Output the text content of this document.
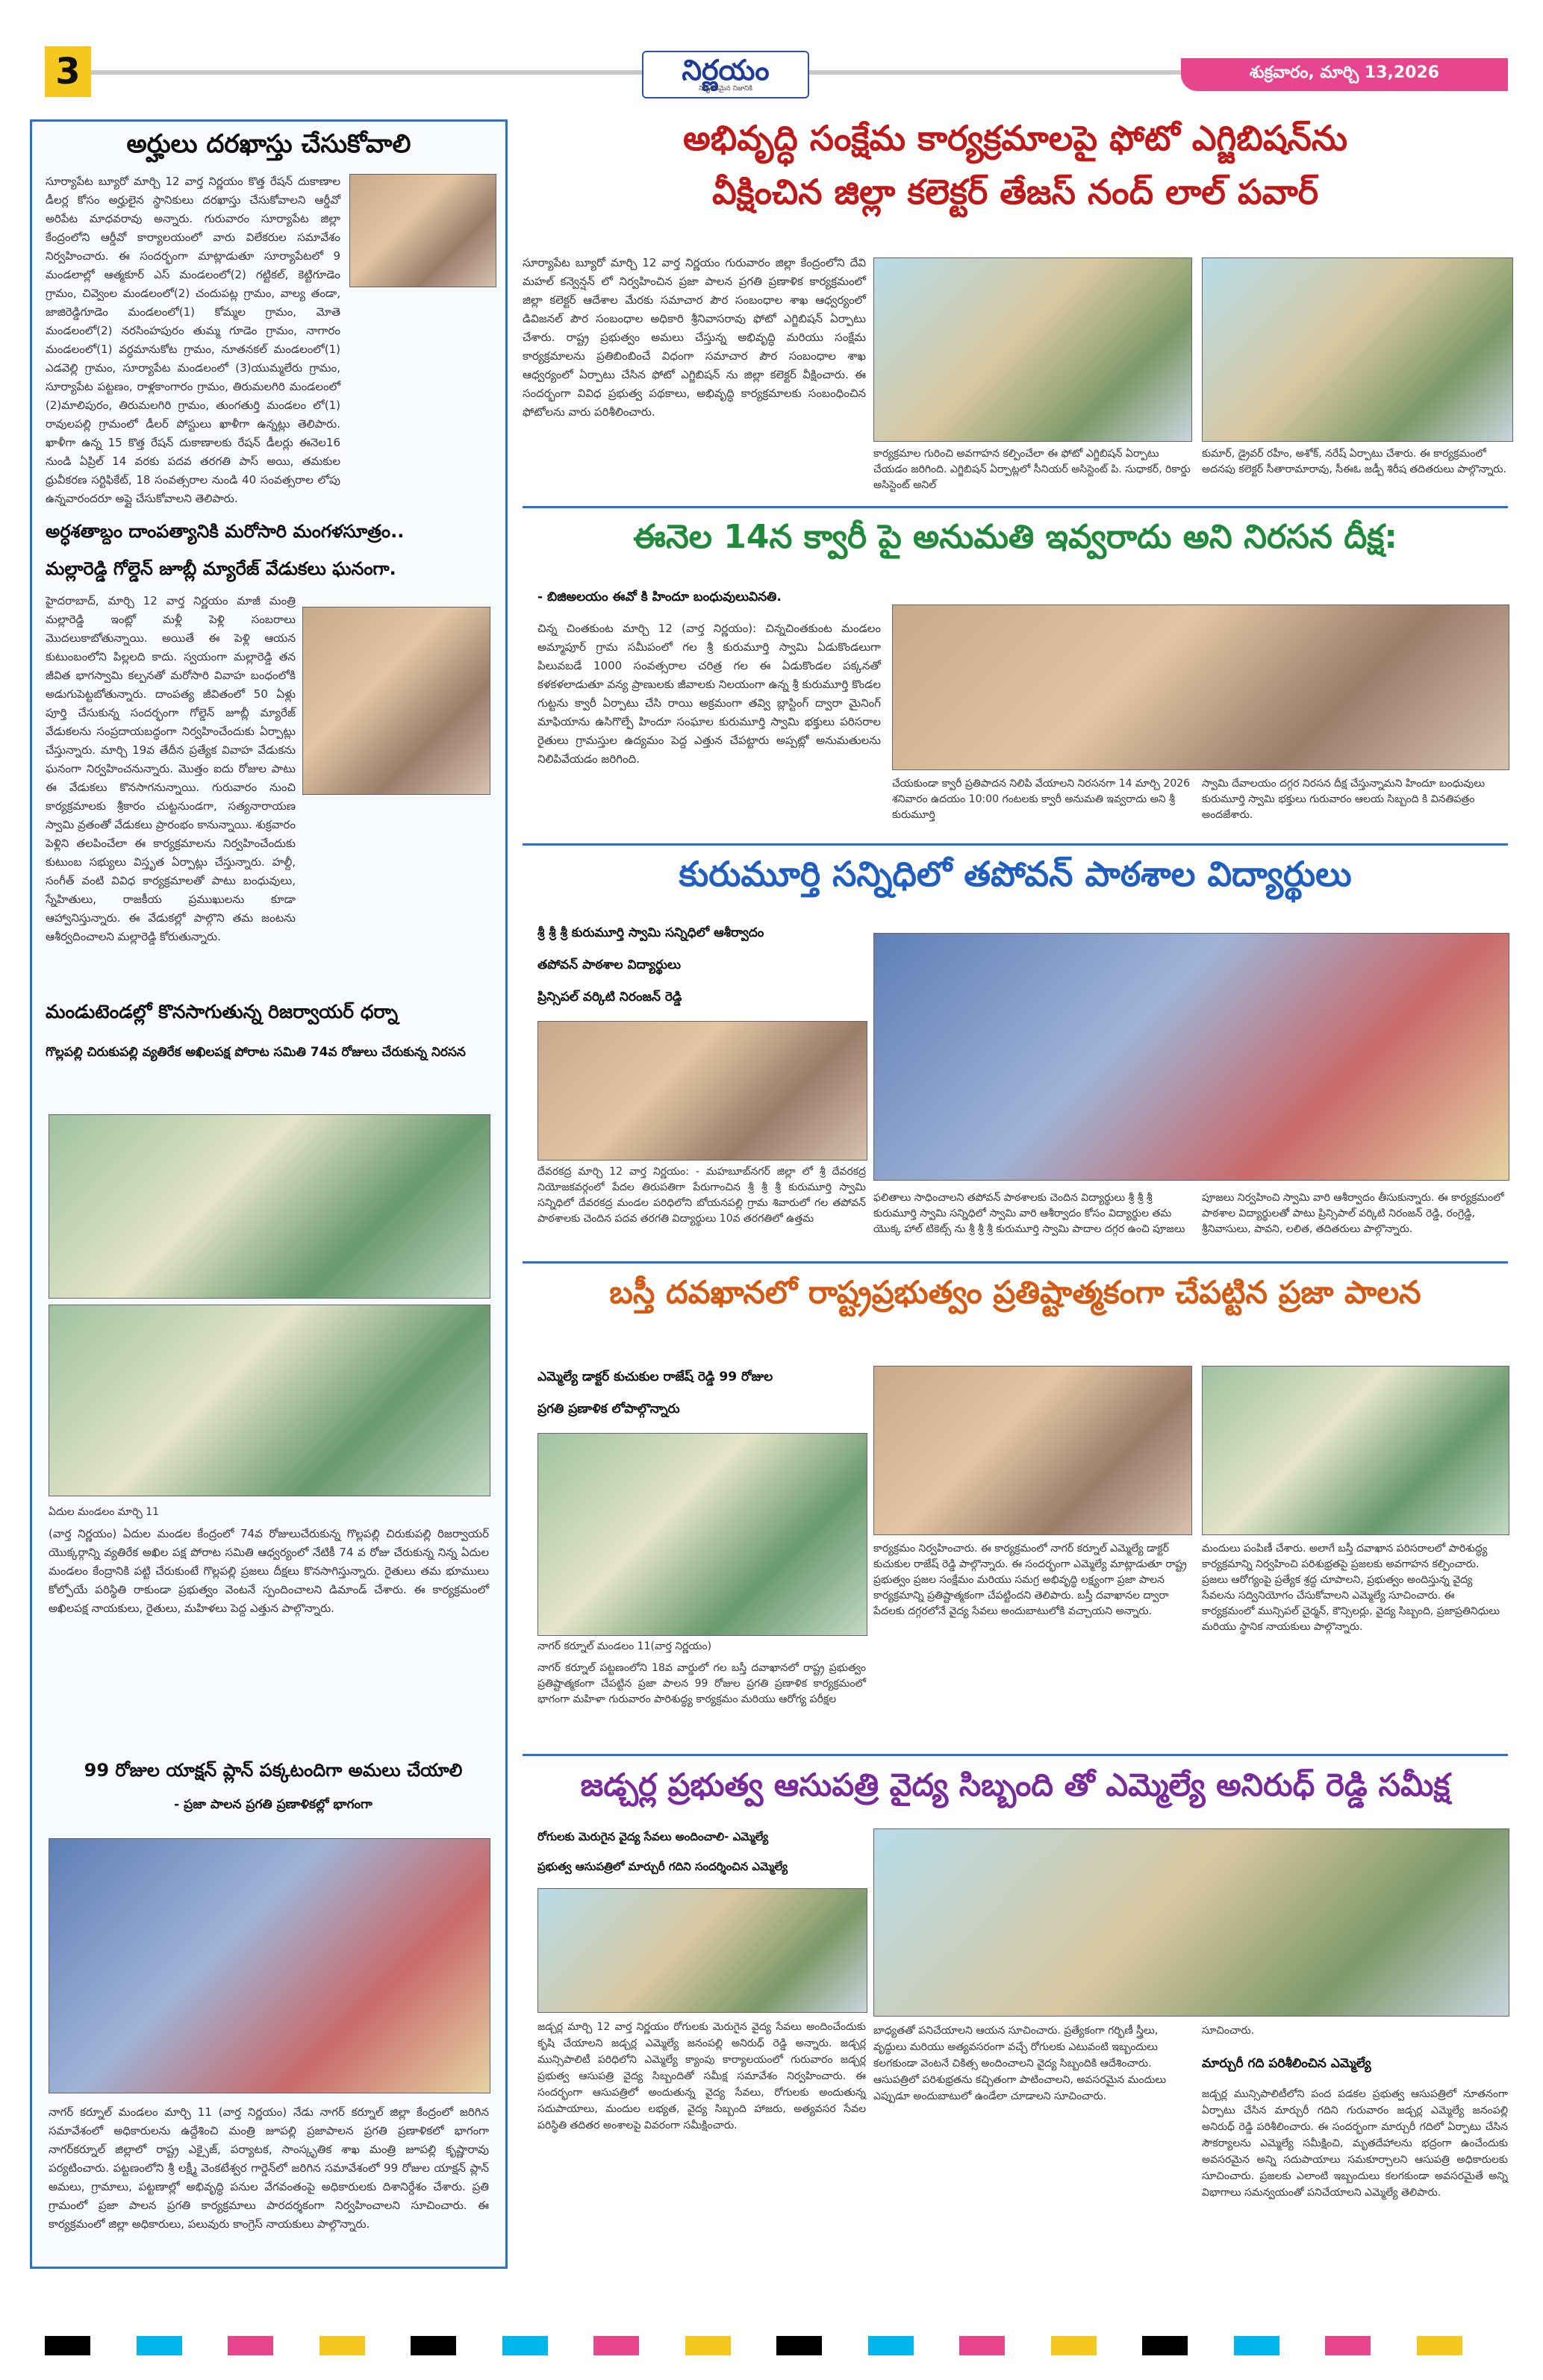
3	నిర్ణయం
నిర్భయమైన నిజానికి
శుక్రవారం, మార్చి 13,2026
అర్హులు దరఖాస్తు చేసుకోవాలి
సూర్యాపేట బ్యూరో మార్చి 12 వార్త నిర్ణయం కొత్త రేషన్ దుకాణాల డీలర్ల కోసం అర్హులైన స్థానికులు దరఖాస్తు చేసుకోవాలని ఆర్డీవో అరిపేట మాధవరావు అన్నారు. గురువారం సూర్యాపేట జిల్లా కేంద్రంలోని ఆర్డీవో కార్యాలయంలో వారు విలేకరుల సమావేశం నిర్వహించారు. ఈ సందర్భంగా మాట్లాడుతూ సూర్యాపేటలో 9 మండలాల్లో ఆత్మకూర్ ఎస్ మండలంలో(2) గట్టికల్, కెట్టిగూడెం గ్రామం, చివ్వెంల మండలంలో(2) చందుపట్ల గ్రామం, వాల్య తండా, జాజిరెడ్డిగూడెం మండలంలో(1) కోమ్మల గ్రామం, మోతె మండలంలో(2) నరసింహపురం తుమ్మ గూడెం గ్రామం, నాగారం మండలంలో(1) వర్ధమానుకోట గ్రామం, నూతనకల్ మండలంలో(1) ఎడవెల్లి గ్రామం, సూర్యాపేట మండలంలో (3)యుమ్మలేరు గ్రామం, సూర్యాపేట పట్టణం, రాళ్లకాంగారం గ్రామం, తిరుమలగిరి మండలంలో (2)మాలిపురం, తిరుమలగిరి గ్రామం, తుంగతుర్తి మండలం లో(1) రావులపల్లి గ్రామంలో డీలర్ పోస్టులు ఖాళీగా ఉన్నట్లు తెలిపారు. ఖాళీగా ఉన్న 15 కొత్త రేషన్ దుకాణాలకు రేషన్ డీలర్లు ఈనెల16 నుండి ఏప్రిల్ 14 వరకు పదవ తరగతి పాస్ అయి, తమకుల ధ్రువీకరణ సర్టిఫికేట్, 18 సంవత్సరాల నుండి 40 సంవత్సరాల లోపు ఉన్నవారందరూ అప్లై చేసుకోవాలని తెలిపారు.
అర్ధశతాబ్దం దాంపత్యానికి మరోసారి మంగళసూత్రం..
మల్లారెడ్డి గోల్డెన్ జూబ్లీ మ్యారేజ్ వేడుకలు ఘనంగా.
హైదరాబాద్, మార్చి 12 వార్త నిర్ణయం మాజీ మంత్రి మల్లారెడ్డి ఇంట్లో మళ్లీ పెళ్లి సంబరాలు మొదలుకాబోతున్నాయి. అయితే ఈ పెళ్లి ఆయన కుటుంబంలోని పిల్లలది కాదు. స్వయంగా మల్లారెడ్డి తన జీవిత భాగస్వామి కల్పనతో మరోసారి వివాహ బంధంలోకి అడుగుపెట్టబోతున్నారు. దాంపత్య జీవితంలో 50 ఏళ్లు పూర్తి చేసుకున్న సందర్భంగా గోల్డెన్ జూబ్లీ మ్యారేజ్ వేడుకలను సంప్రదాయబద్ధంగా నిర్వహించేందుకు ఏర్పాట్లు చేస్తున్నారు. మార్చి 19వ తేదీన ప్రత్యేక వివాహ వేడుకను ఘనంగా నిర్వహించనున్నారు. మొత్తం ఐదు రోజుల పాటు ఈ వేడుకలు కొనసాగనున్నాయి. గురువారం నుంచి కార్యక్రమాలకు శ్రీకారం చుట్టనుండగా, సత్యనారాయణ స్వామి వ్రతంతో వేడుకలు ప్రారంభం కానున్నాయి. శుక్రవారం పెళ్లిని తలపించేలా ఈ కార్యక్రమాలను నిర్వహించేందుకు కుటుంబ సభ్యులు విస్తృత ఏర్పాట్లు చేస్తున్నారు. హల్దీ, సంగీత్ వంటి వివిధ కార్యక్రమాలతో పాటు బంధువులు, స్నేహితులు, రాజకీయ ప్రముఖులను కూడా ఆహ్వానిస్తున్నారు. ఈ వేడుకల్లో పాల్గొని తమ జంటను ఆశీర్వదించాలని మల్లారెడ్డి కోరుతున్నారు.
మండుటెండల్లో కొనసాగుతున్న రిజర్వాయర్ ధర్నా
గొల్లపల్లి చిరుకుపల్లి వ్యతిరేక అఖిలపక్ష పోరాట సమితి 74వ రోజులు చేరుకున్న నిరసన
ఏదుల మండలం మార్చి 11
(వార్త నిర్ణయం) ఏదుల మండల కేంద్రంలో 74వ రోజులుచేరుకున్న గొల్లపల్లి చిరుకుపల్లి రిజర్వాయర్ యొక్కర్గాన్ని వ్యతిరేక అఖిల పక్ష పోరాట సమితి ఆధ్వర్యంలో నేటికీ 74 వ రోజు చేరుకున్న నిన్న ఏదుల మండలం కేంద్రానికి పట్టి చేరుకుంటే గొల్లపల్లి ప్రజలు దీక్షలు కొనసాగిస్తున్నారు. రైతులు తమ భూములు కోల్పోయే పరిస్థితి రాకుండా ప్రభుత్వం వెంటనే స్పందించాలని డిమాండ్ చేశారు. ఈ కార్యక్రమంలో అఖిలపక్ష నాయకులు, రైతులు, మహిళలు పెద్ద ఎత్తున పాల్గొన్నారు.
99 రోజుల యాక్షన్ ప్లాన్ పక్కటందిగా అమలు చేయాలి
- ప్రజా పాలన ప్రగతి ప్రణాళికల్లో భాగంగా
నాగర్ కర్నూల్ మండలం మార్చి 11 (వార్త నిర్ణయం) నేడు నాగర్ కర్నూల్ జిల్లా కేంద్రంలో జరిగిన సమావేశంలో అధికారులను ఉద్దేశించి మంత్రి జూపల్లి ప్రజాపాలన ప్రగతి ప్రణాళికలో భాగంగా నాగర్‌కర్నూల్ జిల్లాలో రాష్ట్ర ఎక్సైజ్, పర్యాటక, సాంస్కృతిక శాఖ మంత్రి జూపల్లి కృష్ణారావు పర్యటించారు. పట్టణంలోని శ్రీ లక్ష్మీ వెంకటేశ్వర గార్డెన్‌లో జరిగిన సమావేశంలో 99 రోజుల యాక్షన్ ప్లాన్ అమలు, గ్రామాలు, పట్టణాల్లో అభివృద్ధి పనుల వేగవంతంపై అధికారులకు దిశానిర్దేశం చేశారు. ప్రతి గ్రామంలో ప్రజా పాలన ప్రగతి కార్యక్రమాలు పారదర్శకంగా నిర్వహించాలని సూచించారు. ఈ కార్యక్రమంలో జిల్లా అధికారులు, పలువురు కాంగ్రెస్ నాయకులు పాల్గొన్నారు.
అభివృద్ధి సంక్షేమ కార్యక్రమాలపై ఫోటో ఎగ్జిబిషన్‌ను
వీక్షించిన జిల్లా కలెక్టర్ తేజస్ నంద్ లాల్ పవార్
సూర్యాపేట బ్యూరో మార్చి 12 వార్త నిర్ణయం గురువారం జిల్లా కేంద్రంలోని దేవి మహల్ కన్వెన్షన్ లో నిర్వహించిన ప్రజా పాలన ప్రగతి ప్రణాళిక కార్యక్రమంలో జిల్లా కలెక్టర్ ఆదేశాల మేరకు సమాచార పౌర సంబంధాల శాఖ ఆధ్వర్యంలో డివిజనల్ పౌర సంబంధాల అధికారి శ్రీనివాసరావు ఫోటో ఎగ్జిబిషన్ ఏర్పాటు చేశారు. రాష్ట్ర ప్రభుత్వం అమలు చేస్తున్న అభివృద్ధి మరియు సంక్షేమ కార్యక్రమాలను ప్రతిబింబించే విధంగా సమాచార పౌర సంబంధాల శాఖ ఆధ్వర్యంలో ఏర్పాటు చేసిన ఫోటో ఎగ్జిబిషన్ ను జిల్లా కలెక్టర్ వీక్షించారు. ఈ సందర్భంగా వివిధ ప్రభుత్వ పథకాలు, అభివృద్ధి కార్యక్రమాలకు సంబంధించిన ఫోటోలను వారు పరిశీలించారు.
కార్యక్రమాల గురించి అవగాహన కల్పించేలా ఈ ఫోటో ఎగ్జిబిషన్ ఏర్పాటు చేయడం జరిగింది. ఎగ్జిబిషన్ ఏర్పాట్లలో సీనియర్ అసిస్టెంట్ పి. సుధాకర్, రికార్డు అసిస్టెంట్ అనిల్
కుమార్, డ్రైవర్ రహీం, అశోక్, నరేష్ ఏర్పాటు చేశారు. ఈ కార్యక్రమంలో అదనపు కలెక్టర్ సీతారామారావు, సీఈఓ జడ్పీ శిరీష తదితరులు పాల్గొన్నారు.
ఈనెల 14న క్వారీ పై అనుమతి ఇవ్వరాదు అని నిరసన దీక్ష:
- బిజిఅలయం ఈవో కి హిందూ బంధువులువినతి.
చిన్న చింతకుంట మార్చి 12 (వార్త నిర్ణయం): చిన్నచింతకుంట మండలం అమ్మాపూర్ గ్రామ సమీపంలో గల శ్రీ కురుమూర్తి స్వామి ఏడుకొండలుగా పిలువబడే 1000 సంవత్సరాల చరిత్ర గల ఈ ఏడుకొండల పక్కనతో కళకళలాడుతూ వన్య ప్రాణులకు జీవాలకు నిలయంగా ఉన్న శ్రీ కురుమూర్తి కొండల గుట్టను క్వారీ ఏర్పాటు చేసి రాయి అక్రమంగా తవ్వి బ్లాస్టింగ్ ద్వారా మైనింగ్ మాఫియాను ఉసిగొల్పే హిందూ సంఘాల కురుమూర్తి స్వామి భక్తులు పరిసరాల రైతులు గ్రామస్తుల ఉద్యమం పెద్ద ఎత్తున చేపట్టారు అప్పట్లో అనుమతులను నిలిపివేయడం జరిగింది.
చేయకుండా క్వారీ ప్రతిపాదన నిలిపి వేయాలని నిరసనగా 14 మార్చి 2026 శనివారం ఉదయం 10:00 గంటలకు క్వారీ అనుమతి ఇవ్వరాదు అని శ్రీ కురుమూర్తి
స్వామి దేవాలయం దగ్గర నిరసన దీక్ష చేస్తున్నామని హిందూ బంధువులు కురుమూర్తి స్వామి భక్తులు గురువారం ఆలయ సిబ్బంది కి వినతిపత్రం అందజేశారు.
కురుమూర్తి సన్నిధిలో తపోవన్ పాఠశాల విద్యార్థులు
శ్రీ శ్రీ శ్రీ కురుమూర్తి స్వామి సన్నిధిలో ఆశీర్వాదం
తపోవన్ పాఠశాల విద్యార్థులు
ప్రిన్సిపల్ వర్కిటి నిరంజన్ రెడ్డి
దేవరకద్ర మార్చి 12 వార్త నిర్ణయం: - మహబూబ్‌నగర్ జిల్లా లో శ్రీ దేవరకద్ర నియోజకవర్గంలో పేదల తిరుపతిగా పేరుగాంచిన శ్రీ శ్రీ శ్రీ కురుమూర్తి స్వామి సన్నిధిలో దేవరకద్ర మండల పరిధిలోని బోయనపల్లి గ్రామ శివారులో గల తపోవన్ పాఠశాలకు చెందిన పదవ తరగతి విద్యార్థులు 10వ తరగతిలో ఉత్తమ
ఫలితాలు సాధించాలని తపోవన్ పాఠశాలకు చెందిన విద్యార్థులు శ్రీ శ్రీ శ్రీ కురుమూర్తి స్వామి సన్నిధిలో స్వామి వారి ఆశీర్వాదం కోసం విద్యార్థుల తమ యొక్క హాల్ టికెట్స్ ను శ్రీ శ్రీ శ్రీ కురుమూర్తి స్వామి పాదాల దగ్గర ఉంచి పూజలు
పూజలు నిర్వహించి స్వామి వారి ఆశీర్వాదం తీసుకున్నారు. ఈ కార్యక్రమంలో పాఠశాల విద్యార్థులతో పాటు ప్రిన్సిపాల్ వర్కిటి నిరంజన్ రెడ్డి, రంగ్రెడ్డి, శ్రీనివాసులు, పావని, లలిత, తదితరులు పాల్గొన్నారు.
బస్తీ దవఖానలో రాష్ట్రప్రభుత్వం ప్రతిష్టాత్మకంగా చేపట్టిన ప్రజా పాలన
ఎమ్మెల్యే డాక్టర్ కుచుకుల రాజేష్ రెడ్డి 99 రోజుల
ప్రగతి ప్రణాళిక లోపాల్గొన్నారు
నాగర్ కర్నూల్ మండలం 11(వార్త నిర్ణయం)
నాగర్ కర్నూల్ పట్టణంలోని 18వ వార్డులో గల బస్తీ దవాఖానలో రాష్ట్ర ప్రభుత్వం ప్రతిష్టాత్మకంగా చేపట్టిన ప్రజా పాలన 99 రోజుల ప్రగతి ప్రణాళిక కార్యక్రమంలో భాగంగా మహిళా గురువారం పారిశుద్ధ్య కార్యక్రమం మరియు ఆరోగ్య పరీక్షల
కార్యక్రమం నిర్వహించారు. ఈ కార్యక్రమంలో నాగర్ కర్నూల్ ఎమ్మెల్యే డాక్టర్ కుచుకుల రాజేష్ రెడ్డి పాల్గొన్నారు. ఈ సందర్భంగా ఎమ్మెల్యే మాట్లాడుతూ రాష్ట్ర ప్రభుత్వం ప్రజల సంక్షేమం మరియు సమగ్ర అభివృద్ధి లక్ష్యంగా ప్రజా పాలన కార్యక్రమాన్ని ప్రతిష్టాత్మకంగా చేపట్టిందని తెలిపారు. బస్తీ దవాఖానల ద్వారా పేదలకు దగ్గరలోనే వైద్య సేవలు అందుబాటులోకి వచ్చాయని అన్నారు.
మందులు పంపిణీ చేశారు. అలాగే బస్తీ దవాఖాన పరిసరాలలో పారిశుద్ధ్య కార్యక్రమాన్ని నిర్వహించి పరిశుభ్రతపై ప్రజలకు అవగాహన కల్పించారు. ప్రజలు ఆరోగ్యంపై ప్రత్యేక శ్రద్ధ చూపాలని, ప్రభుత్వం అందిస్తున్న వైద్య సేవలను సద్వినియోగం చేసుకోవాలని ఎమ్మెల్యే సూచించారు. ఈ కార్యక్రమంలో మున్సిపల్ చైర్మన్, కౌన్సిలర్లు, వైద్య సిబ్బంది, ప్రజాప్రతినిధులు మరియు స్థానిక నాయకులు పాల్గొన్నారు.
జడ్చర్ల ప్రభుత్వ ఆసుపత్రి వైద్య సిబ్బంది తో ఎమ్మెల్యే అనిరుధ్ రెడ్డి సమీక్ష
రోగులకు మెరుగైన వైద్య సేవలు అందించాలి- ఎమ్మెల్యే
ప్రభుత్వ ఆసుపత్రిలో మార్చురీ గదిని సందర్శించిన ఎమ్మెల్యే
జడ్చర్ల మార్చి 12 వార్త నిర్ణయం రోగులకు మెరుగైన వైద్య సేవలు అందించేందుకు కృషి చేయాలని జడ్చర్ల ఎమ్మెల్యే జనంపల్లి అనిరుధ్ రెడ్డి అన్నారు. జడ్చర్ల మున్సిపాలిటీ పరిధిలోని ఎమ్మెల్యే క్యాంపు కార్యాలయంలో గురువారం జడ్చర్ల ప్రభుత్వ ఆసుపత్రి వైద్య సిబ్బందితో సమీక్ష సమావేశం నిర్వహించారు. ఈ సందర్భంగా ఆసుపత్రిలో అందుతున్న వైద్య సేవలు, రోగులకు అందుతున్న సదుపాయాలు, మందుల లభ్యత, వైద్య సిబ్బంది హాజరు, అత్యవసర సేవల పరిస్థితి తదితర అంశాలపై వివరంగా సమీక్షించారు.
బాధ్యతతో పనిచేయాలని ఆయన సూచించారు. ప్రత్యేకంగా గర్భిణీ స్త్రీలు, వృద్ధులు మరియు అత్యవసరంగా వచ్చే రోగులకు ఎటువంటి ఇబ్బందులు కలగకుండా వెంటనే చికిత్స అందించాలని వైద్య సిబ్బందికి ఆదేశించారు. ఆసుపత్రిలో పరిశుభ్రతను కచ్చితంగా పాటించాలని, అవసరమైన మందులు ఎప్పుడూ అందుబాటులో ఉండేలా చూడాలని సూచించారు.
సూచించారు.
మార్చురీ గది పరిశీలించిన ఎమ్మెల్యే
జడ్చర్ల మున్సిపాలిటీలోని పంద పడకల ప్రభుత్వ ఆసుపత్రిలో నూతనంగా ఏర్పాటు చేసిన మార్చురీ గదిని గురువారం జడ్చర్ల ఎమ్మెల్యే జనంపల్లి అనిరుధ్ రెడ్డి పరిశీలించారు. ఈ సందర్భంగా మార్చురీ గదిలో ఏర్పాటు చేసిన సౌకర్యాలను ఎమ్మెల్యే సమీక్షించి, మృతదేహాలను భద్రంగా ఉంచేందుకు అవసరమైన అన్ని సదుపాయాలు సమకూర్చాలని ఆసుపత్రి అధికారులకు సూచించారు. ప్రజలకు ఎలాంటి ఇబ్బందులు కలగకుండా అవసరమైతే అన్ని విభాగాలు సమన్వయంతో పనిచేయాలని ఎమ్మెల్యే తెలిపారు.
